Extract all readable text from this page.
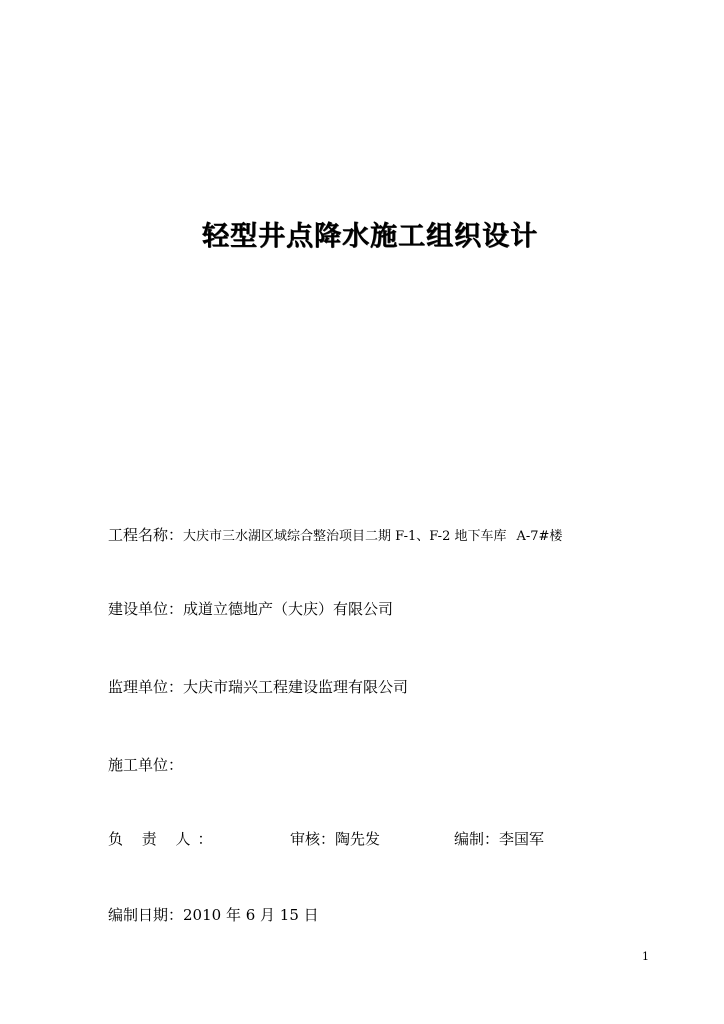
轻型井点降水施工组织设计
工程名称：大庆市三水湖区域综合整治项目二期 F-1、F-2 地下车库 A-7#楼
建设单位：成道立德地产（大庆）有限公司
监理单位：大庆市瑞兴工程建设监理有限公司
施工单位：
负 责 人：	审核：陶先发	编制：李国军
编制日期：2010 年 6 月 15 日
1
